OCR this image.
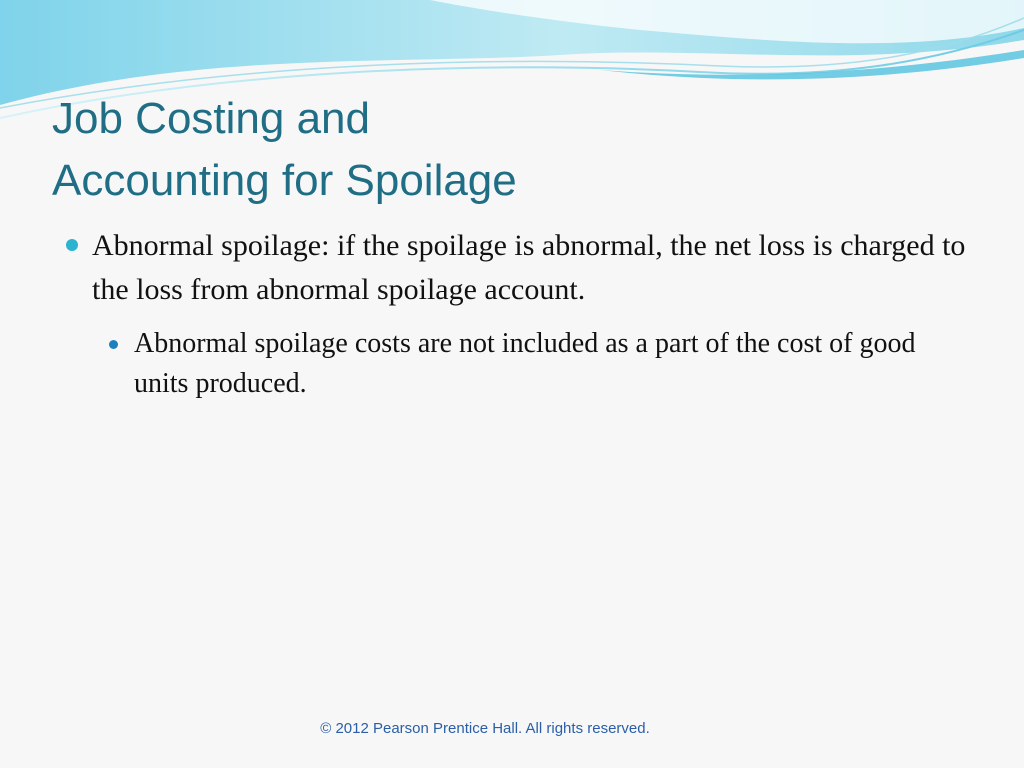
Job Costing and
Accounting for Spoilage
Abnormal spoilage: if the spoilage is abnormal, the net loss is charged to the loss from abnormal spoilage account.
Abnormal spoilage costs are not included as a part of the cost of good units produced.
© 2012 Pearson Prentice Hall. All rights reserved.
